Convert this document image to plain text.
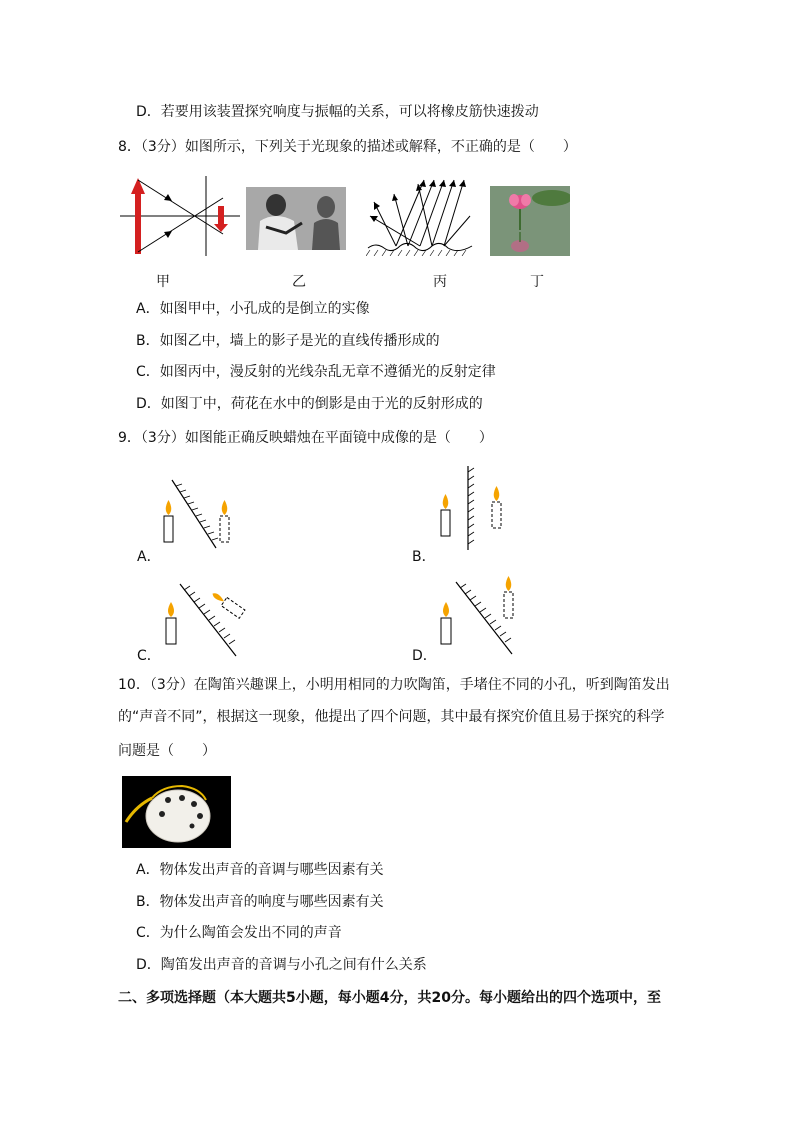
D．若要用该装置探究响度与振幅的关系，可以将橡皮筋快速拨动
8．（3分）如图所示，下列关于光现象的描述或解释，不正确的是（　　）
甲	乙	丙	丁
A．如图甲中，小孔成的是倒立的实像
B．如图乙中，墙上的影子是光的直线传播形成的
C．如图丙中，漫反射的光线杂乱无章不遵循光的反射定律
D．如图丁中，荷花在水中的倒影是由于光的反射形成的
9．（3分）如图能正确反映蜡烛在平面镜中成像的是（　　）
A．	B．
C．	D．
10．（3分）在陶笛兴趣课上，小明用相同的力吹陶笛，手堵住不同的小孔，听到陶笛发出
的“声音不同”，根据这一现象，他提出了四个问题，其中最有探究价值且易于探究的科学
问题是（　　）
A．物体发出声音的音调与哪些因素有关
B．物体发出声音的响度与哪些因素有关
C．为什么陶笛会发出不同的声音
D．陶笛发出声音的音调与小孔之间有什么关系
二、多项选择题（本大题共5小题，每小题4分，共20分。每小题给出的四个选项中，至
